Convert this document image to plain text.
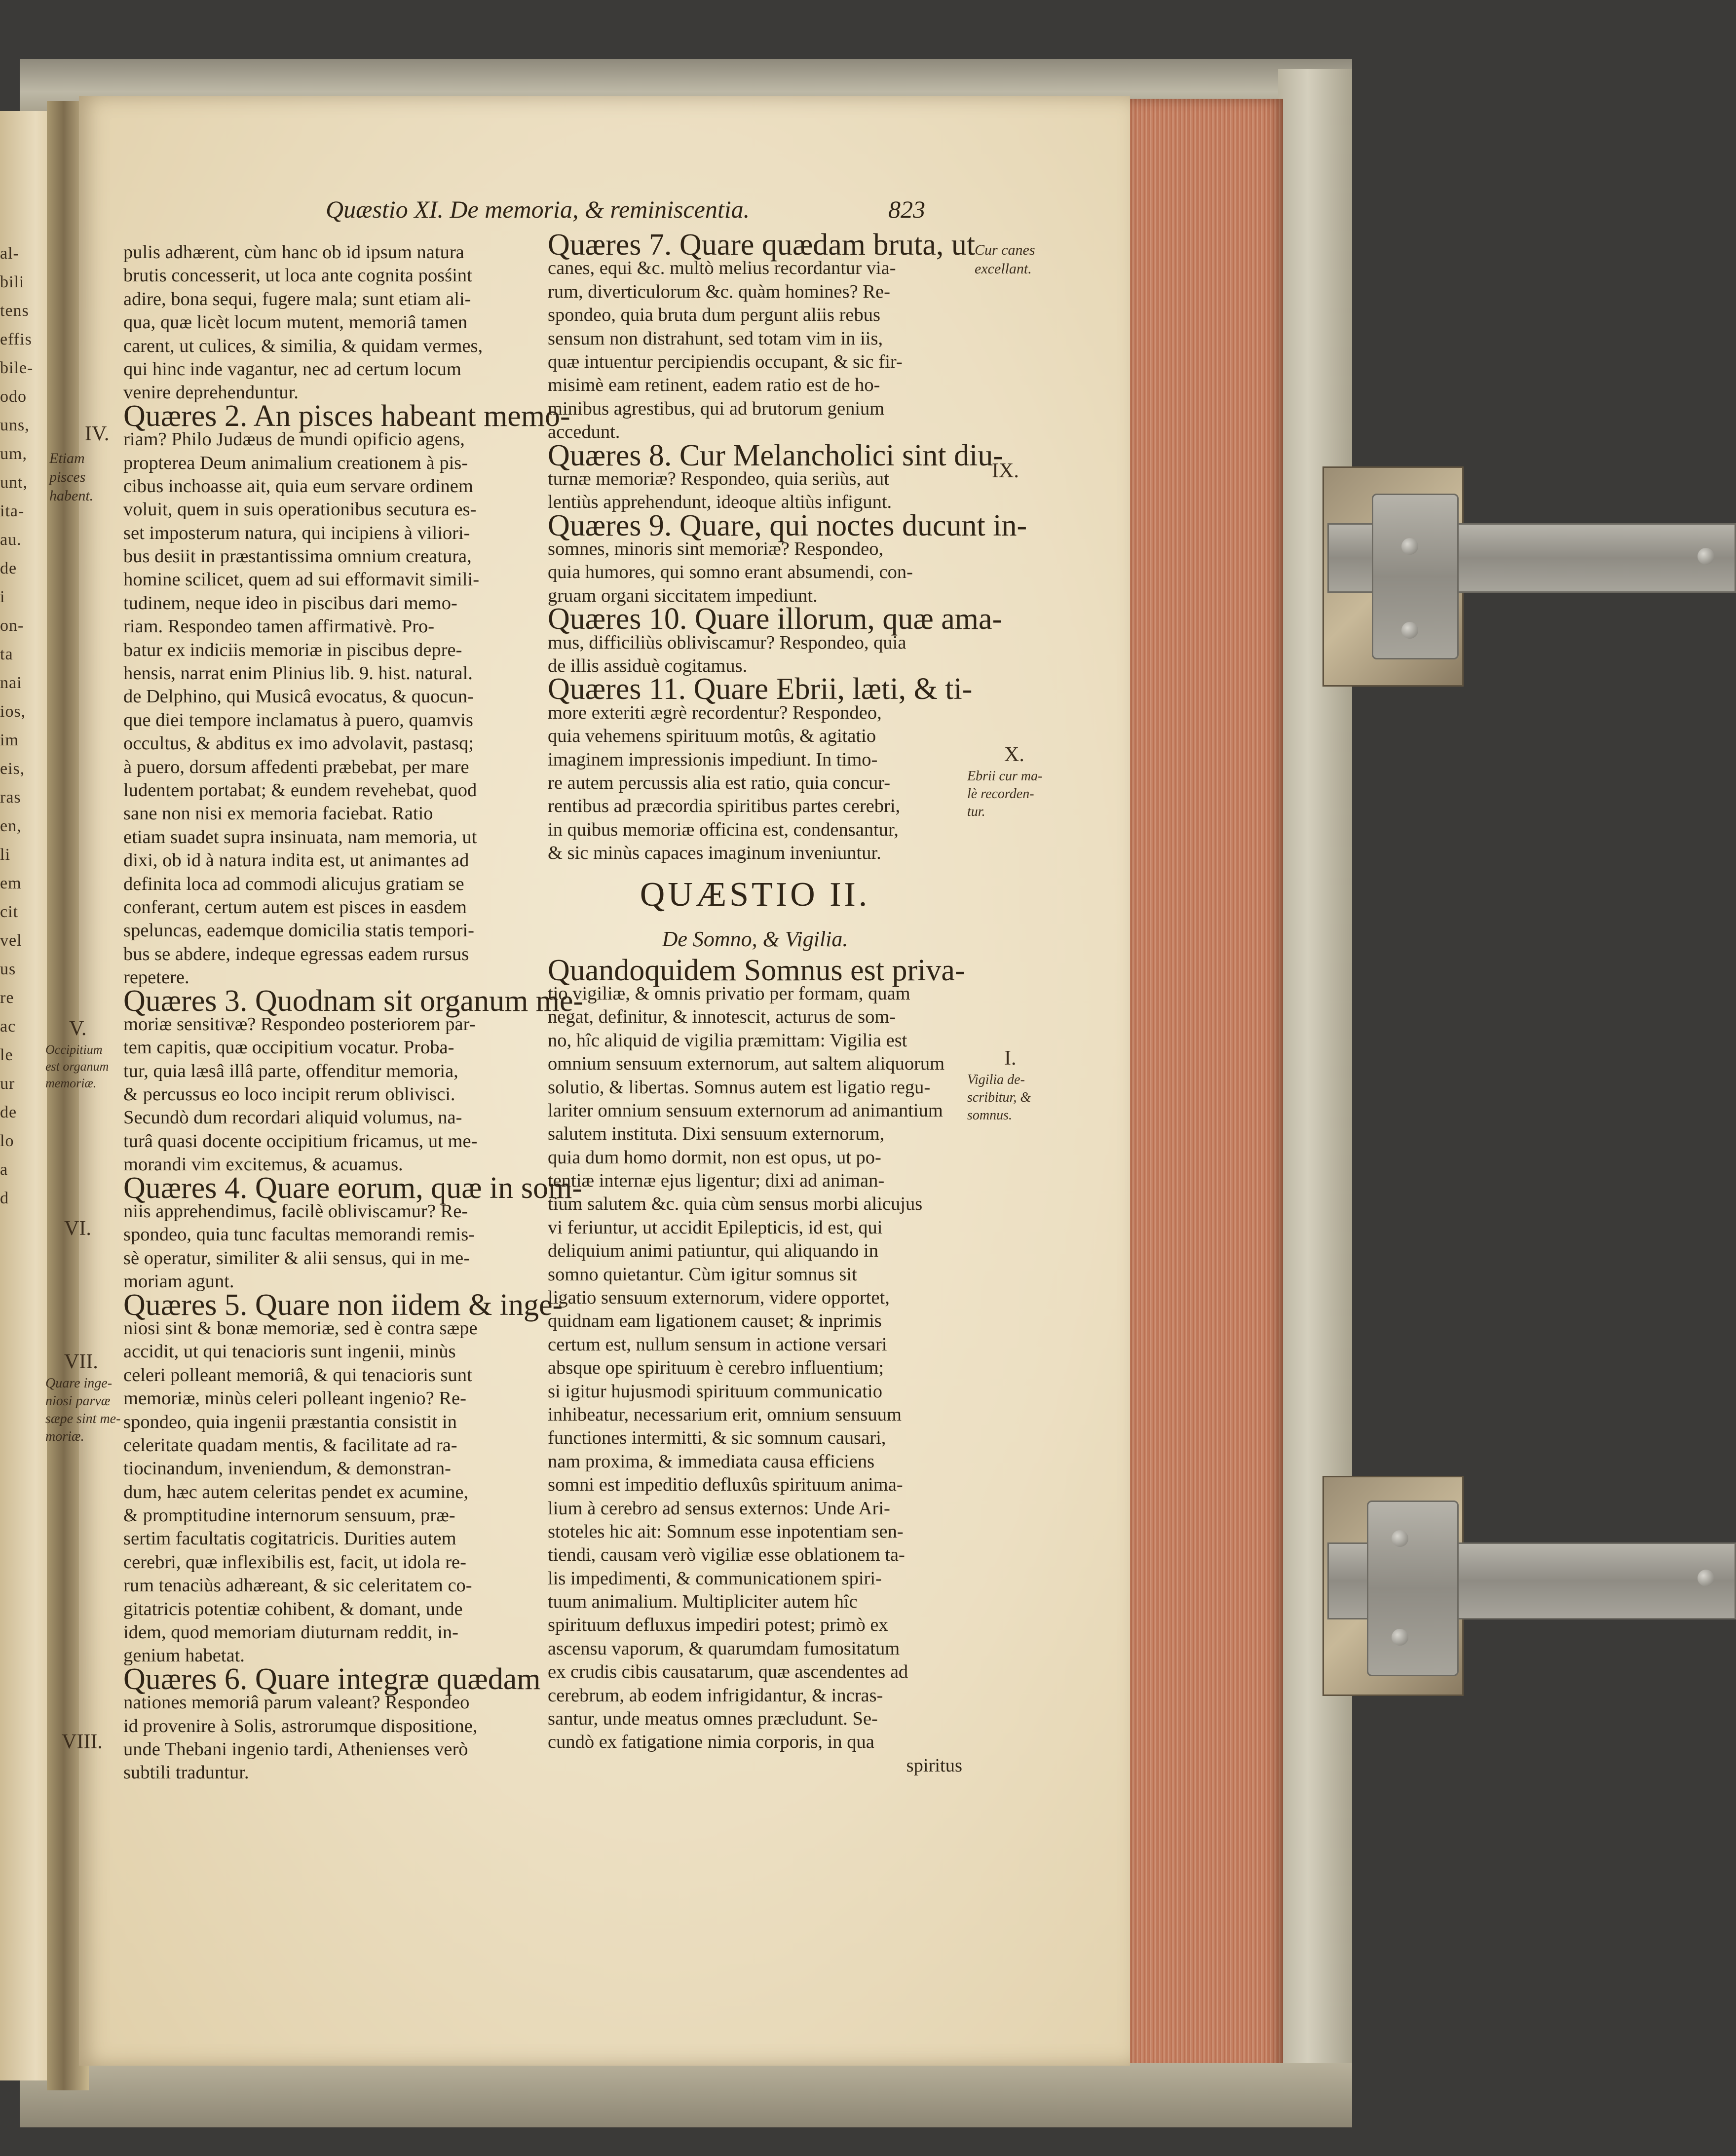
al-
bili
tens
effis
bile-
odo
uns,
um,
unt,
ita-
au.
de
i
on-
ta
nai
ios,
im
eis,
ras
en,
li
em
cit
vel
us
re
ac
le
ur
de
lo
a
d
Quæstio XI. De memoria, & reminiscentia.	823
pulis adhærent, cùm hanc ob id ipsum natura
brutis concesserit, ut loca ante cognita posśint
adire, bona sequi, fugere mala; sunt etiam ali-
qua, quæ licèt locum mutent, memoriâ tamen
carent, ut culices, & similia, & quidam vermes,
qui hinc inde vagantur, nec ad certum locum
venire deprehenduntur.
Quæres 2. An pisces habeant memo-
riam? Philo Judæus de mundi opificio agens,
propterea Deum animalium creationem à pis-
cibus inchoasse ait, quia eum servare ordinem
voluit, quem in suis operationibus secutura es-
set imposterum natura, qui incipiens à viliori-
bus desiit in præstantissima omnium creatura,
homine scilicet, quem ad sui efformavit simili-
tudinem, neque ideo in piscibus dari memo-
riam. Respondeo tamen affirmativè. Pro-
batur ex indiciis memoriæ in piscibus depre-
hensis, narrat enim Plinius lib. 9. hist. natural.
de Delphino, qui Musicâ evocatus, & quocun-
que diei tempore inclamatus à puero, quamvis
occultus, & abditus ex imo advolavit, pastasq;
à puero, dorsum affedenti præbebat, per mare
ludentem portabat; & eundem revehebat, quod
sane non nisi ex memoria faciebat. Ratio
etiam suadet supra insinuata, nam memoria, ut
dixi, ob id à natura indita est, ut animantes ad
definita loca ad commodi alicujus gratiam se
conferant, certum autem est pisces in easdem
speluncas, eademque domicilia statis tempori-
bus se abdere, indeque egressas eadem rursus
repetere.
Quæres 3. Quodnam sit organum me-
moriæ sensitivæ? Respondeo posteriorem par-
tem capitis, quæ occipitium vocatur. Proba-
tur, quia læsâ illâ parte, offenditur memoria,
& percussus eo loco incipit rerum oblivisci.
Secundò dum recordari aliquid volumus, na-
turâ quasi docente occipitium fricamus, ut me-
morandi vim excitemus, & acuamus.
Quæres 4. Quare eorum, quæ in som-
niis apprehendimus, facilè obliviscamur? Re-
spondeo, quia tunc facultas memorandi remis-
sè operatur, similiter & alii sensus, qui in me-
moriam agunt.
Quæres 5. Quare non iidem & inge-
niosi sint & bonæ memoriæ, sed è contra sæpe
accidit, ut qui tenacioris sunt ingenii, minùs
celeri polleant memoriâ, & qui tenacioris sunt
memoriæ, minùs celeri polleant ingenio? Re-
spondeo, quia ingenii præstantia consistit in
celeritate quadam mentis, & facilitate ad ra-
tiocinandum, inveniendum, & demonstran-
dum, hæc autem celeritas pendet ex acumine,
& promptitudine internorum sensuum, præ-
sertim facultatis cogitatricis. Durities autem
cerebri, quæ inflexibilis est, facit, ut idola re-
rum tenaciùs adhæreant, & sic celeritatem co-
gitatricis potentiæ cohibent, & domant, unde
idem, quod memoriam diuturnam reddit, in-
genium habetat.
Quæres 6. Quare integræ quædam
nationes memoriâ parum valeant? Respondeo
id provenire à Solis, astrorumque dispositione,
unde Thebani ingenio tardi, Athenienses verò
subtili traduntur.
Quæres 7. Quare quædam bruta, ut
canes, equi &c. multò melius recordantur via-
rum, diverticulorum &c. quàm homines? Re-
spondeo, quia bruta dum pergunt aliis rebus
sensum non distrahunt, sed totam vim in iis,
quæ intuentur percipiendis occupant, & sic fir-
misimè eam retinent, eadem ratio est de ho-
minibus agrestibus, qui ad brutorum genium
accedunt.
Quæres 8. Cur Melancholici sint diu-
turnæ memoriæ? Respondeo, quia seriùs, aut
lentiùs apprehendunt, ideoque altiùs infigunt.
Quæres 9. Quare, qui noctes ducunt in-
somnes, minoris sint memoriæ? Respondeo,
quia humores, qui somno erant absumendi, con-
gruam organi siccitatem impediunt.
Quæres 10. Quare illorum, quæ ama-
mus, difficiliùs obliviscamur? Respondeo, quia
de illis assiduè cogitamus.
Quæres 11. Quare Ebrii, læti, & ti-
more exteriti ægrè recordentur? Respondeo,
quia vehemens spirituum motûs, & agitatio
imaginem impressionis impediunt. In timo-
re autem percussis alia est ratio, quia concur-
rentibus ad præcordia spiritibus partes cerebri,
in quibus memoriæ officina est, condensantur,
& sic minùs capaces imaginum inveniuntur.
QUÆSTIO II.
De Somno, & Vigilia.
Quandoquidem Somnus est priva-
tio vigiliæ, & omnis privatio per formam, quam
negat, definitur, & innotescit, acturus de som-
no, hîc aliquid de vigilia præmittam: Vigilia est
omnium sensuum externorum, aut saltem aliquorum
solutio, & libertas. Somnus autem est ligatio regu-
lariter omnium sensuum externorum ad animantium
salutem instituta. Dixi sensuum externorum,
quia dum homo dormit, non est opus, ut po-
tentiæ internæ ejus ligentur; dixi ad animan-
tium salutem &c. quia cùm sensus morbi alicujus
vi feriuntur, ut accidit Epilepticis, id est, qui
deliquium animi patiuntur, qui aliquando in
somno quietantur. Cùm igitur somnus sit
ligatio sensuum externorum, videre opportet,
quidnam eam ligationem causet; & inprimis
certum est, nullum sensum in actione versari
absque ope spirituum è cerebro influentium;
si igitur hujusmodi spirituum communicatio
inhibeatur, necessarium erit, omnium sensuum
functiones intermitti, & sic somnum causari,
nam proxima, & immediata causa efficiens
somni est impeditio defluxûs spirituum anima-
lium à cerebro ad sensus externos: Unde Ari-
stoteles hic ait: Somnum esse inpotentiam sen-
tiendi, causam verò vigiliæ esse oblationem ta-
lis impedimenti, & communicationem spiri-
tuum animalium. Multipliciter autem hîc
spirituum defluxus impediri potest; primò ex
ascensu vaporum, & quarumdam fumositatum
ex crudis cibis causatarum, quæ ascendentes ad
cerebrum, ab eodem infrigidantur, & incras-
santur, unde meatus omnes præcludunt. Se-
cundò ex fatigatione nimia corporis, in qua
spiritus
IV.
Etiam pisces
habent.
V.
Occipitium
est organum
memoriæ.
VI.
VII.
Quare inge-
niosi parvæ
sæpe sint me-
moriæ.
VIII.
Cur canes
excellant.
IX.
X.
Ebrii cur ma-
lè recorden-
tur.
I.
Vigilia de-
scribitur, &
somnus.
